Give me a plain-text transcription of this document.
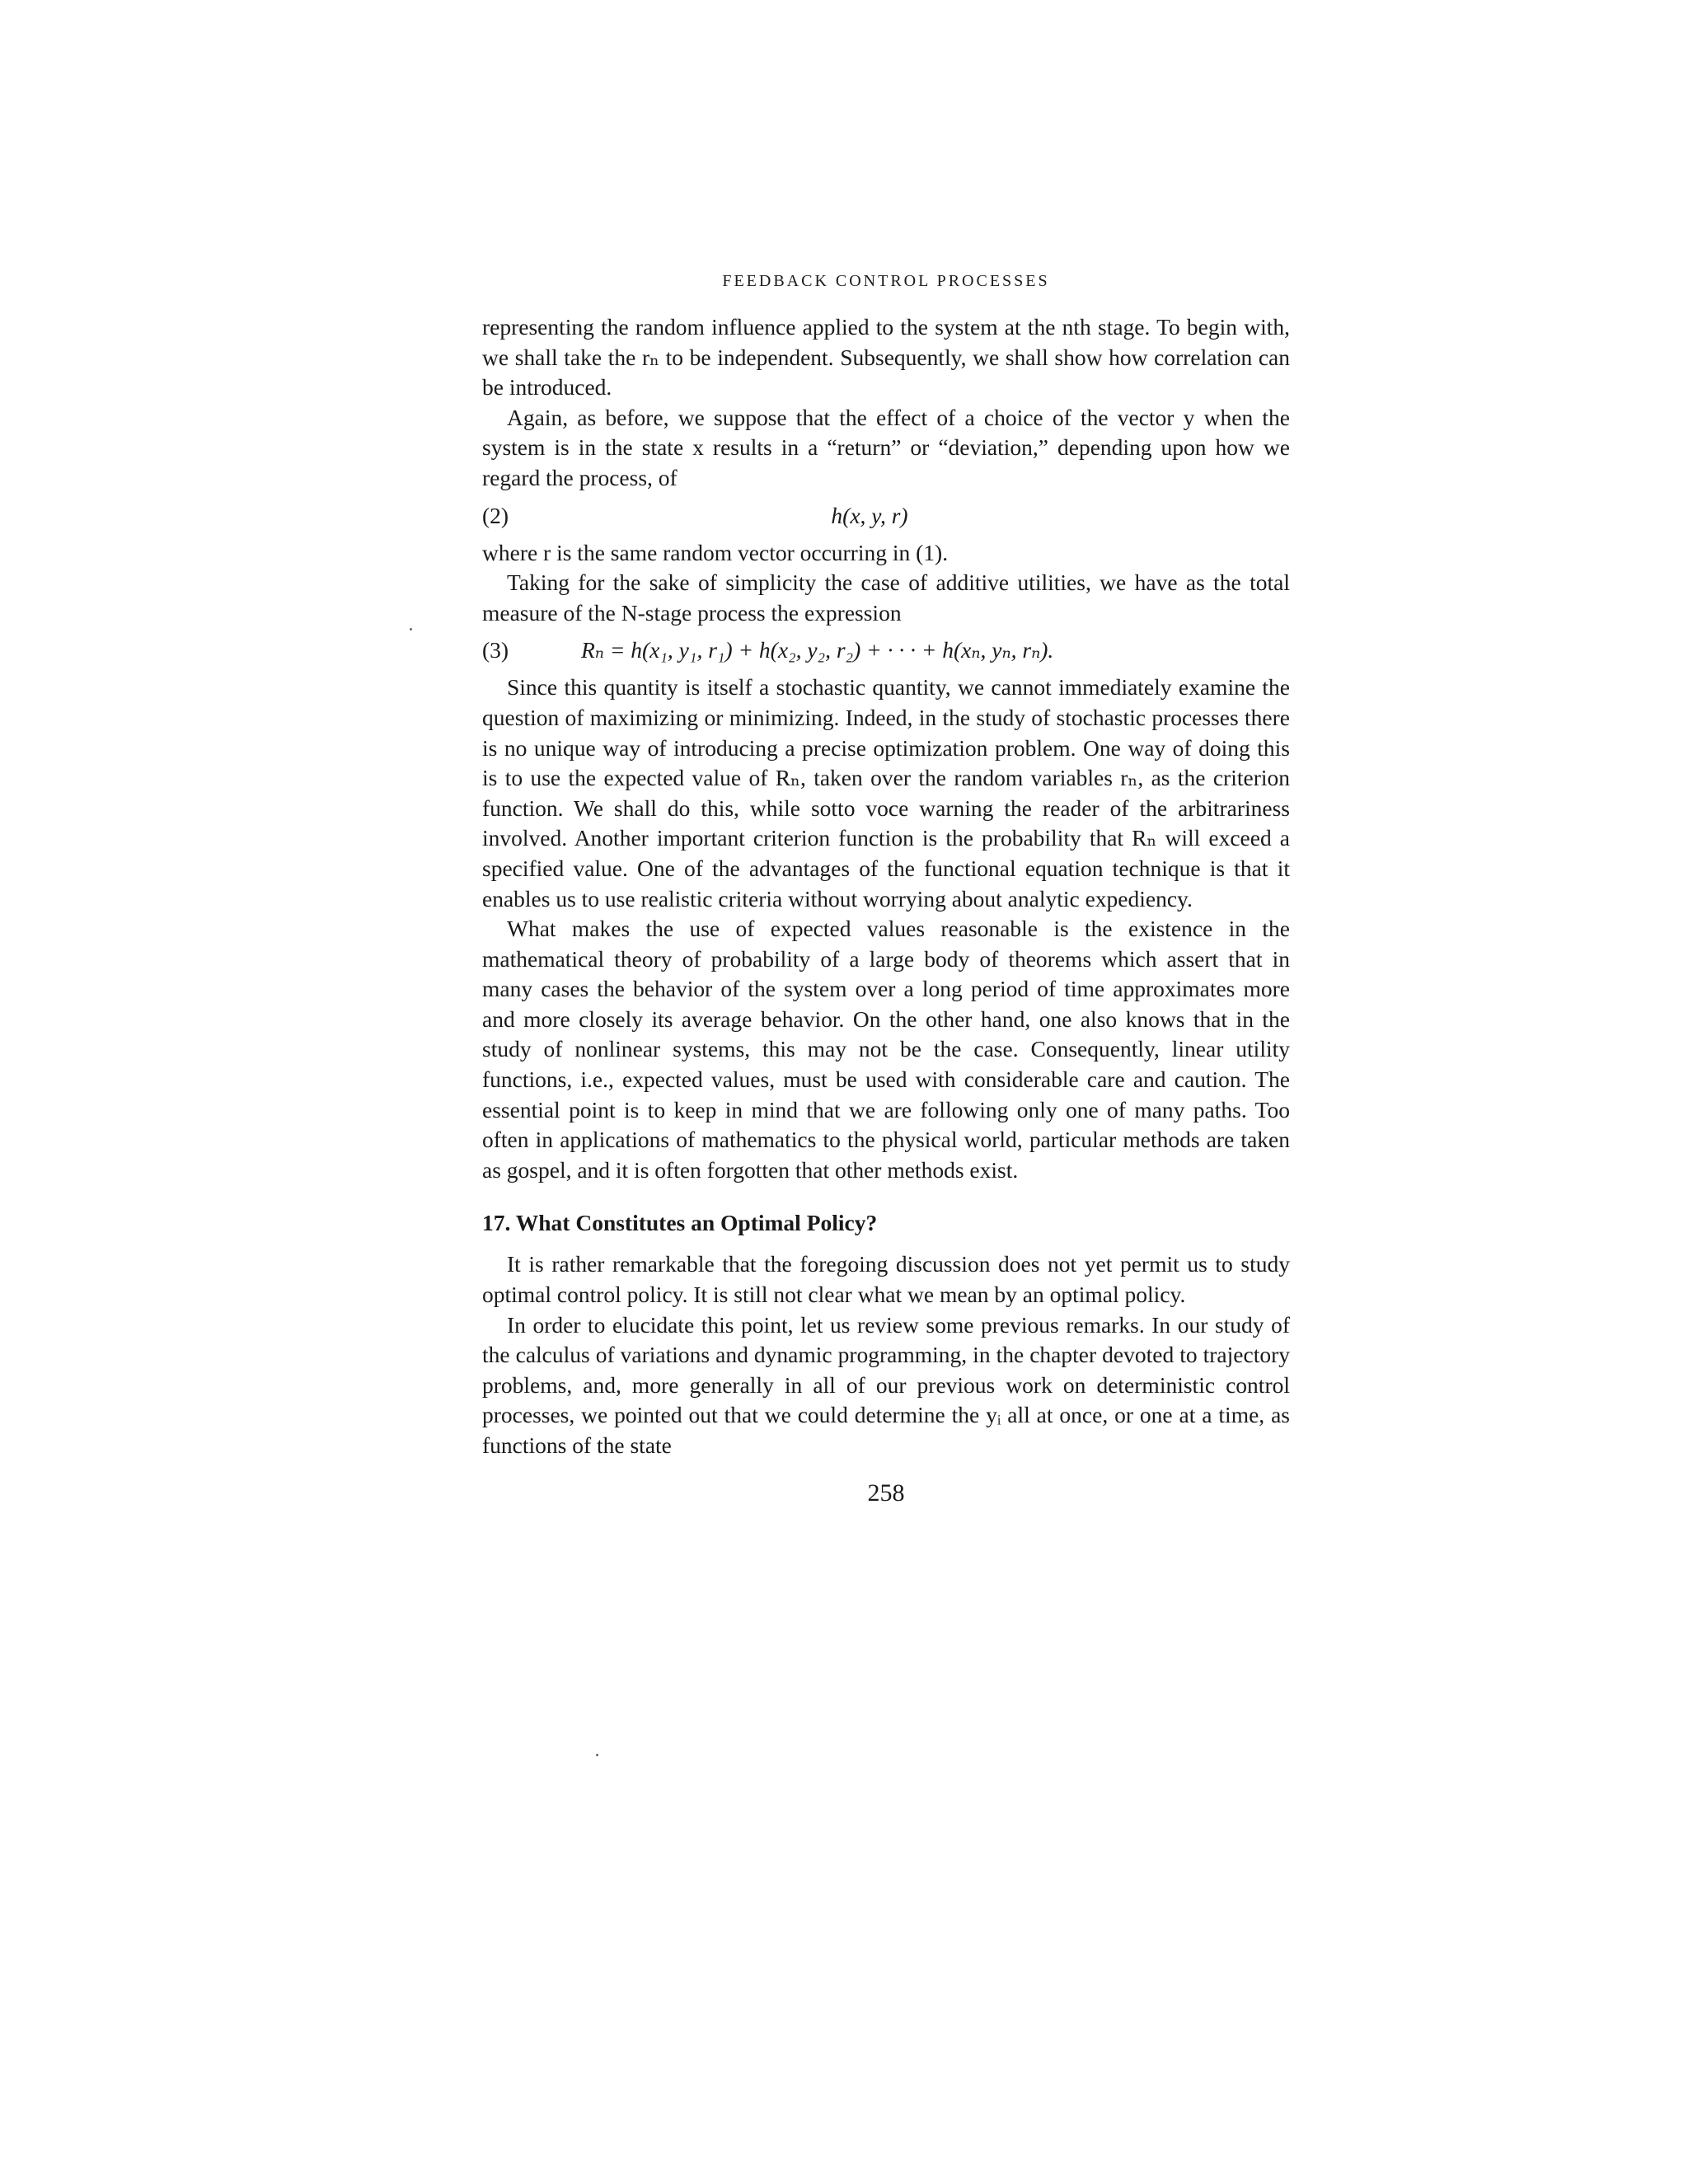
FEEDBACK CONTROL PROCESSES

representing the random influence applied to the system at the nth stage. To begin with, we shall take the rₙ to be independent. Subsequently, we shall show how correlation can be introduced.

Again, as before, we suppose that the effect of a choice of the vector y when the system is in the state x results in a “return” or “deviation,” depending upon how we regard the process, of

(2)	h(x, y, r)

where r is the same random vector occurring in (1).

Taking for the sake of simplicity the case of additive utilities, we have as the total measure of the N-stage process the expression

(3)	Rₙ = h(x₁, y₁, r₁) + h(x₂, y₂, r₂) + · · · + h(xₙ, yₙ, rₙ).

Since this quantity is itself a stochastic quantity, we cannot immediately examine the question of maximizing or minimizing. Indeed, in the study of stochastic processes there is no unique way of introducing a precise optimization problem. One way of doing this is to use the expected value of Rₙ, taken over the random variables rₙ, as the criterion function. We shall do this, while sotto voce warning the reader of the arbitrariness involved. Another important criterion function is the probability that Rₙ will exceed a specified value. One of the advantages of the functional equation technique is that it enables us to use realistic criteria without worrying about analytic expediency.

What makes the use of expected values reasonable is the existence in the mathematical theory of probability of a large body of theorems which assert that in many cases the behavior of the system over a long period of time approximates more and more closely its average behavior. On the other hand, one also knows that in the study of nonlinear systems, this may not be the case. Consequently, linear utility functions, i.e., expected values, must be used with considerable care and caution. The essential point is to keep in mind that we are following only one of many paths. Too often in applications of mathematics to the physical world, particular methods are taken as gospel, and it is often forgotten that other methods exist.

17. What Constitutes an Optimal Policy?

It is rather remarkable that the foregoing discussion does not yet permit us to study optimal control policy. It is still not clear what we mean by an optimal policy.

In order to elucidate this point, let us review some previous remarks. In our study of the calculus of variations and dynamic programming, in the chapter devoted to trajectory problems, and, more generally in all of our previous work on deterministic control processes, we pointed out that we could determine the yᵢ all at once, or one at a time, as functions of the state

258
